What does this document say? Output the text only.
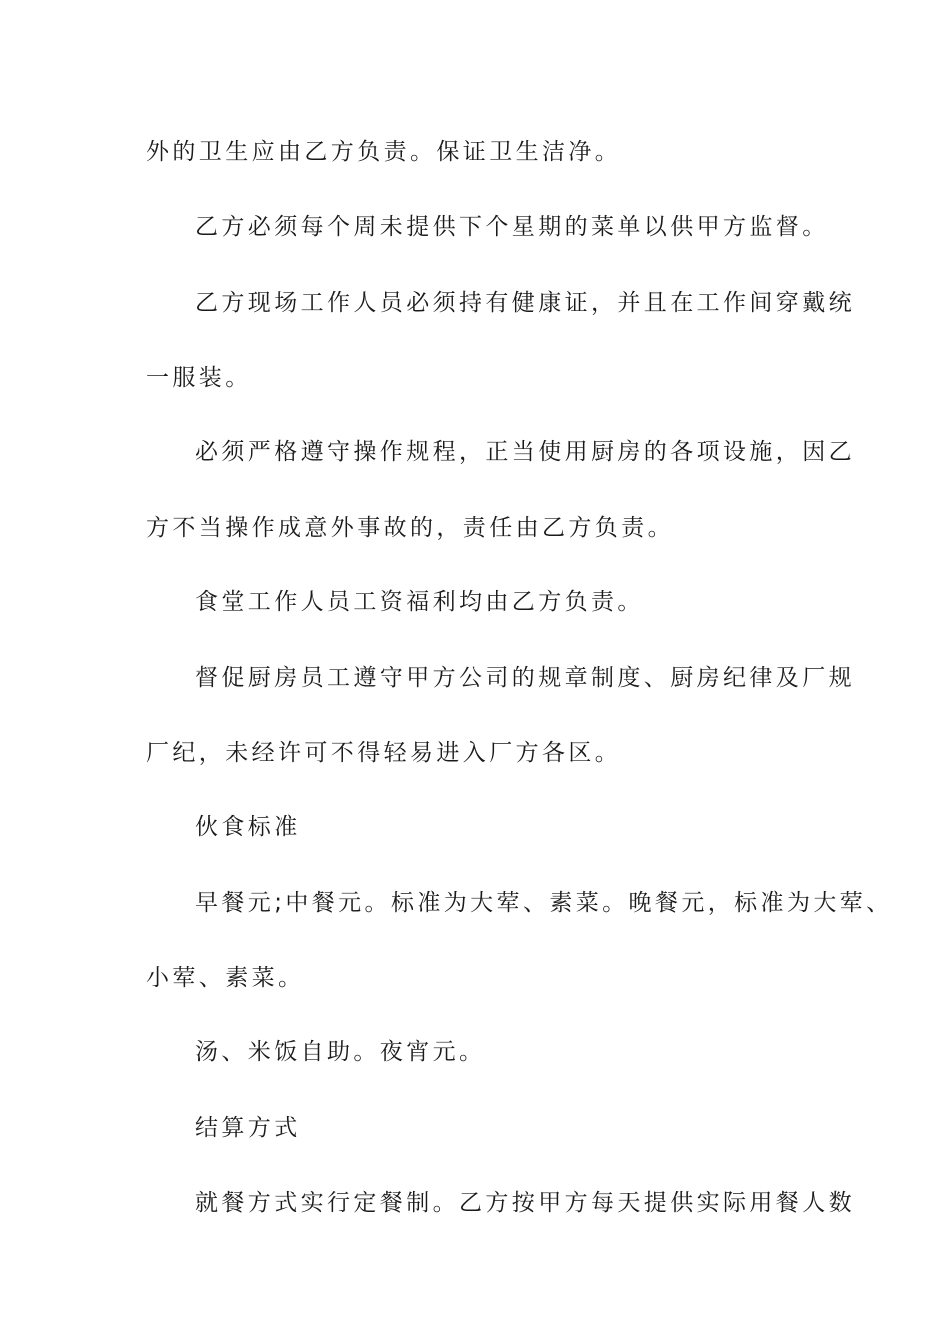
外的卫生应由乙方负责。保证卫生洁净。
乙方必须每个周未提供下个星期的菜单以供甲方监督。
乙方现场工作人员必须持有健康证，并且在工作间穿戴统
一服装。
必须严格遵守操作规程，正当使用厨房的各项设施，因乙
方不当操作成意外事故的，责任由乙方负责。
食堂工作人员工资福利均由乙方负责。
督促厨房员工遵守甲方公司的规章制度、厨房纪律及厂规
厂纪，未经许可不得轻易进入厂方各区。
伙食标准
早餐元;中餐元。标准为大荤、素菜。晚餐元，标准为大荤、
小荤、素菜。
汤、米饭自助。夜宵元。
结算方式
就餐方式实行定餐制。乙方按甲方每天提供实际用餐人数
